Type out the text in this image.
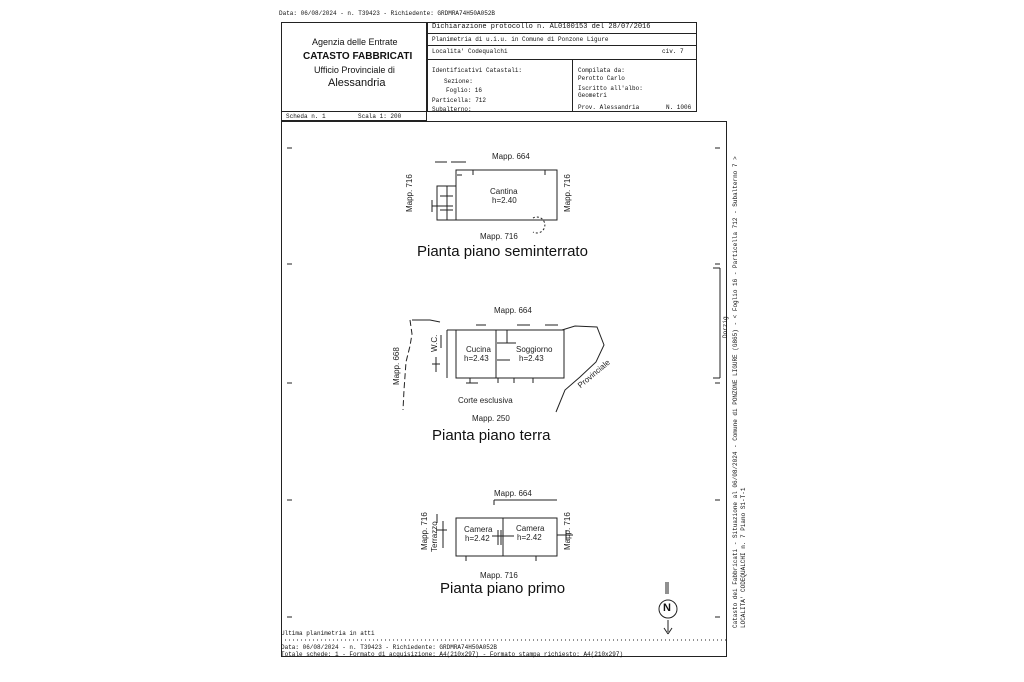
Data: 06/08/2024 - n. T39423 - Richiedente: GRDMRA74H50A052B
Agenzia delle Entrate
CATASTO FABBRICATI
Ufficio Provinciale di
Alessandria
Dichiarazione protocollo n. AL0100153 del 28/07/2016
Planimetria di u.i.u. in Comune di Ponzone Ligure
Localita' Codequalchi	civ. 7
Identificativi Catastali:
Sezione:
Foglio: 16
Particella: 712
Subalterno:
Compilata da:
Perotto Carlo
Iscritto all'albo:
Geometri
Prov. Alessandria	N. 1006
Scheda n. 1	Scala 1: 200
Mapp. 664
Mapp. 716	Mapp. 716
Cantina
h=2.40
Mapp. 716
Pianta piano seminterrato
Mapp. 664
Mapp. 668
W.C.	Cucina
h=2.43
Soggiorno
h=2.43
Corte esclusiva
Provinciale
Mapp. 250
Pianta piano terra
Mapp. 664
Mapp. 716 Terrazzo	Mapp. 716
Camera
h=2.42
Camera
h=2.42
Mapp. 716
Pianta piano primo
N
Ultima planimetria in atti
Data: 06/08/2024 - n. T39423 - Richiedente: GRDMRA74H50A052B
Totale schede: 1 - Formato di acquisizione: A4(210x297) - Formato stampa richiesto: A4(210x297)
Catasto dei Fabbricati - Situazione al 06/08/2024 - Comune di PONZONE LIGURE (G865) - < Foglio 16 - Particella 712 - Subalterno 7 > LOCALITA' CODEQUALCHI n. 7 Piano S1-T-1
Dorzig
